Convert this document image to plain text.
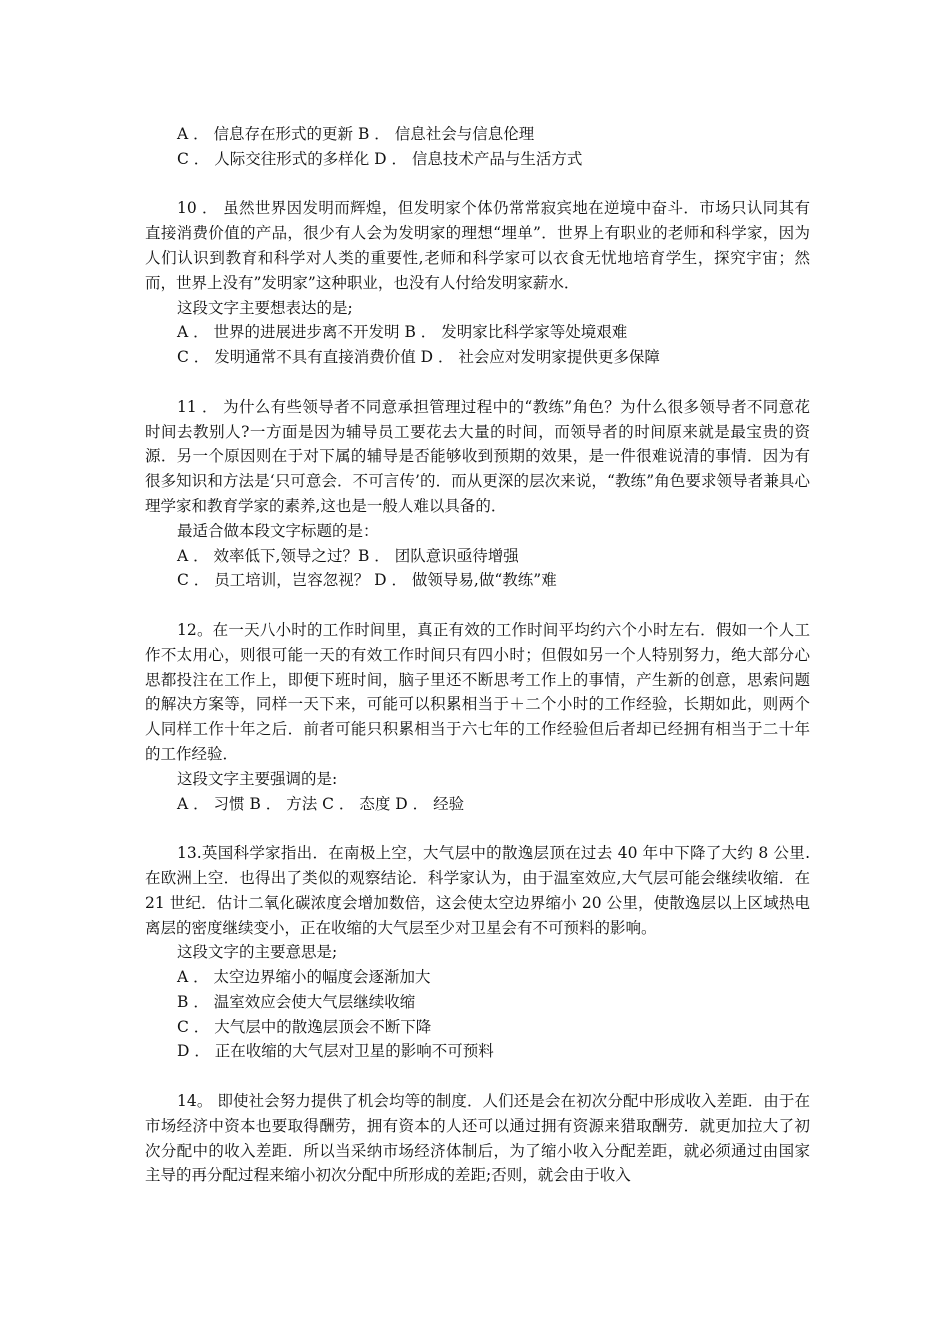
A ． 信息存在形式的更新 B ． 信息社会与信息伦理
C ． 人际交往形式的多样化 D ． 信息技术产品与生活方式

10 ． 虽然世界因发明而辉煌，但发明家个体仍常常寂宾地在逆境中奋斗．市场只认同其有直接消费价值的产品，很少有人会为发明家的理想“埋单”．世界上有职业的老师和科学家，因为人们认识到教育和科学对人类的重要性,老师和科学家可以衣食无忧地培育学生，探究宇宙；然而，世界上没有”发明家”这种职业，也没有人付给发明家薪水．

这段文字主要想表达的是;
A ． 世界的进展进步离不开发明 B ． 发明家比科学家等处境艰难
C ． 发明通常不具有直接消费价值 D ． 社会应对发明家提供更多保障

11 ． 为什么有些领导者不同意承担管理过程中的“教练”角色？为什么很多领导者不同意花时间去教别人?一方面是因为辅导员工要花去大量的时间，而领导者的时间原来就是最宝贵的资源．另一个原因则在于对下属的辅导是否能够收到预期的效果，是一件很难说清的事情．因为有很多知识和方法是‘只可意会．不可言传’的．而从更深的层次来说，“教练”角色要求领导者兼具心理学家和教育学家的素养,这也是一般人难以具备的．

最适合做本段文字标题的是：
A ． 效率低下,领导之过？B ． 团队意识亟待增强
C ． 员工培训，岂容忽视？ D ． 做领导易,做“教练”难

12。在一天八小时的工作时间里，真正有效的工作时间平均约六个小时左右．假如一个人工作不太用心，则很可能一天的有效工作时间只有四小时；但假如另一个人特别努力，绝大部分心思都投注在工作上，即便下班时间，脑子里还不断思考工作上的事情，产生新的创意，思索问题的解决方案等，同样一天下来，可能可以积累相当于＋二个小时的工作经验，长期如此，则两个人同样工作十年之后．前者可能只积累相当于六七年的工作经验但后者却已经拥有相当于二十年的工作经验．

这段文字主要强调的是:
A ． 习惯 B ． 方法 C ． 态度 D ． 经验

13.英国科学家指出．在南极上空，大气层中的散逸层顶在过去 40 年中下降了大约 8 公里.在欧洲上空．也得出了类似的观察结论．科学家认为，由于温室效应,大气层可能会继续收缩．在 21 世纪．估计二氧化碳浓度会增加数倍，这会使太空边界缩小 20 公里，使散逸层以上区域热电离层的密度继续变小，正在收缩的大气层至少对卫星会有不可预料的影响。

这段文字的主要意思是;
A ． 太空边界缩小的幅度会逐渐加大
B ． 温室效应会使大气层继续收缩
C ． 大气层中的散逸层顶会不断下降
D ． 正在收缩的大气层对卫星的影响不可预料

14。 即使社会努力提供了机会均等的制度．人们还是会在初次分配中形成收入差距．由于在市场经济中资本也要取得酬劳，拥有资本的人还可以通过拥有资源来猎取酬劳．就更加拉大了初次分配中的收入差距．所以当采纳市场经济体制后，为了缩小收入分配差距，就必须通过由国家主导的再分配过程来缩小初次分配中所形成的差距;否则，就会由于收入
